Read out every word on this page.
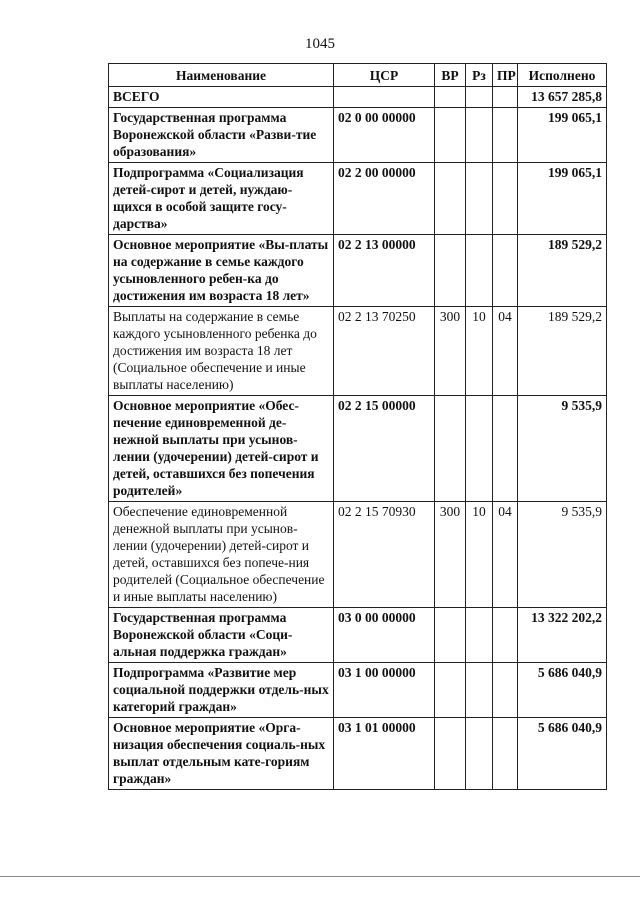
1045
Наименование	ЦСР	ВР	Рз	ПР	Исполнено
ВСЕГО					13 657 285,8
Государственная программа Воронежской области «Разви-тие образования»	02 0 00 00000				199 065,1
Подпрограмма «Социализация детей-сирот и детей, нуждаю-щихся в особой защите госу-дарства»	02 2 00 00000				199 065,1
Основное мероприятие «Вы-платы на содержание в семье каждого усыновленного ребен-ка до достижения им возраста 18 лет»	02 2 13 00000				189 529,2
Выплаты на содержание в семье каждого усыновленного ребенка до достижения им возраста 18 лет (Социальное обеспечение и иные выплаты населению)	02 2 13 70250	300	10	04	189 529,2
Основное мероприятие «Обес-печение единовременной де-нежной выплаты при усынов-лении (удочерении) детей-сирот и детей, оставшихся без попечения родителей»	02 2 15 00000				9 535,9
Обеспечение единовременной денежной выплаты при усынов-лении (удочерении) детей-сирот и детей, оставшихся без попече-ния родителей (Социальное обеспечение и иные выплаты населению)	02 2 15 70930	300	10	04	9 535,9
Государственная программа Воронежской области «Соци-альная поддержка граждан»	03 0 00 00000				13 322 202,2
Подпрограмма «Развитие мер социальной поддержки отдель-ных категорий граждан»	03 1 00 00000				5 686 040,9
Основное мероприятие «Орга-низация обеспечения социаль-ных выплат отдельным кате-гориям граждан»	03 1 01 00000				5 686 040,9
